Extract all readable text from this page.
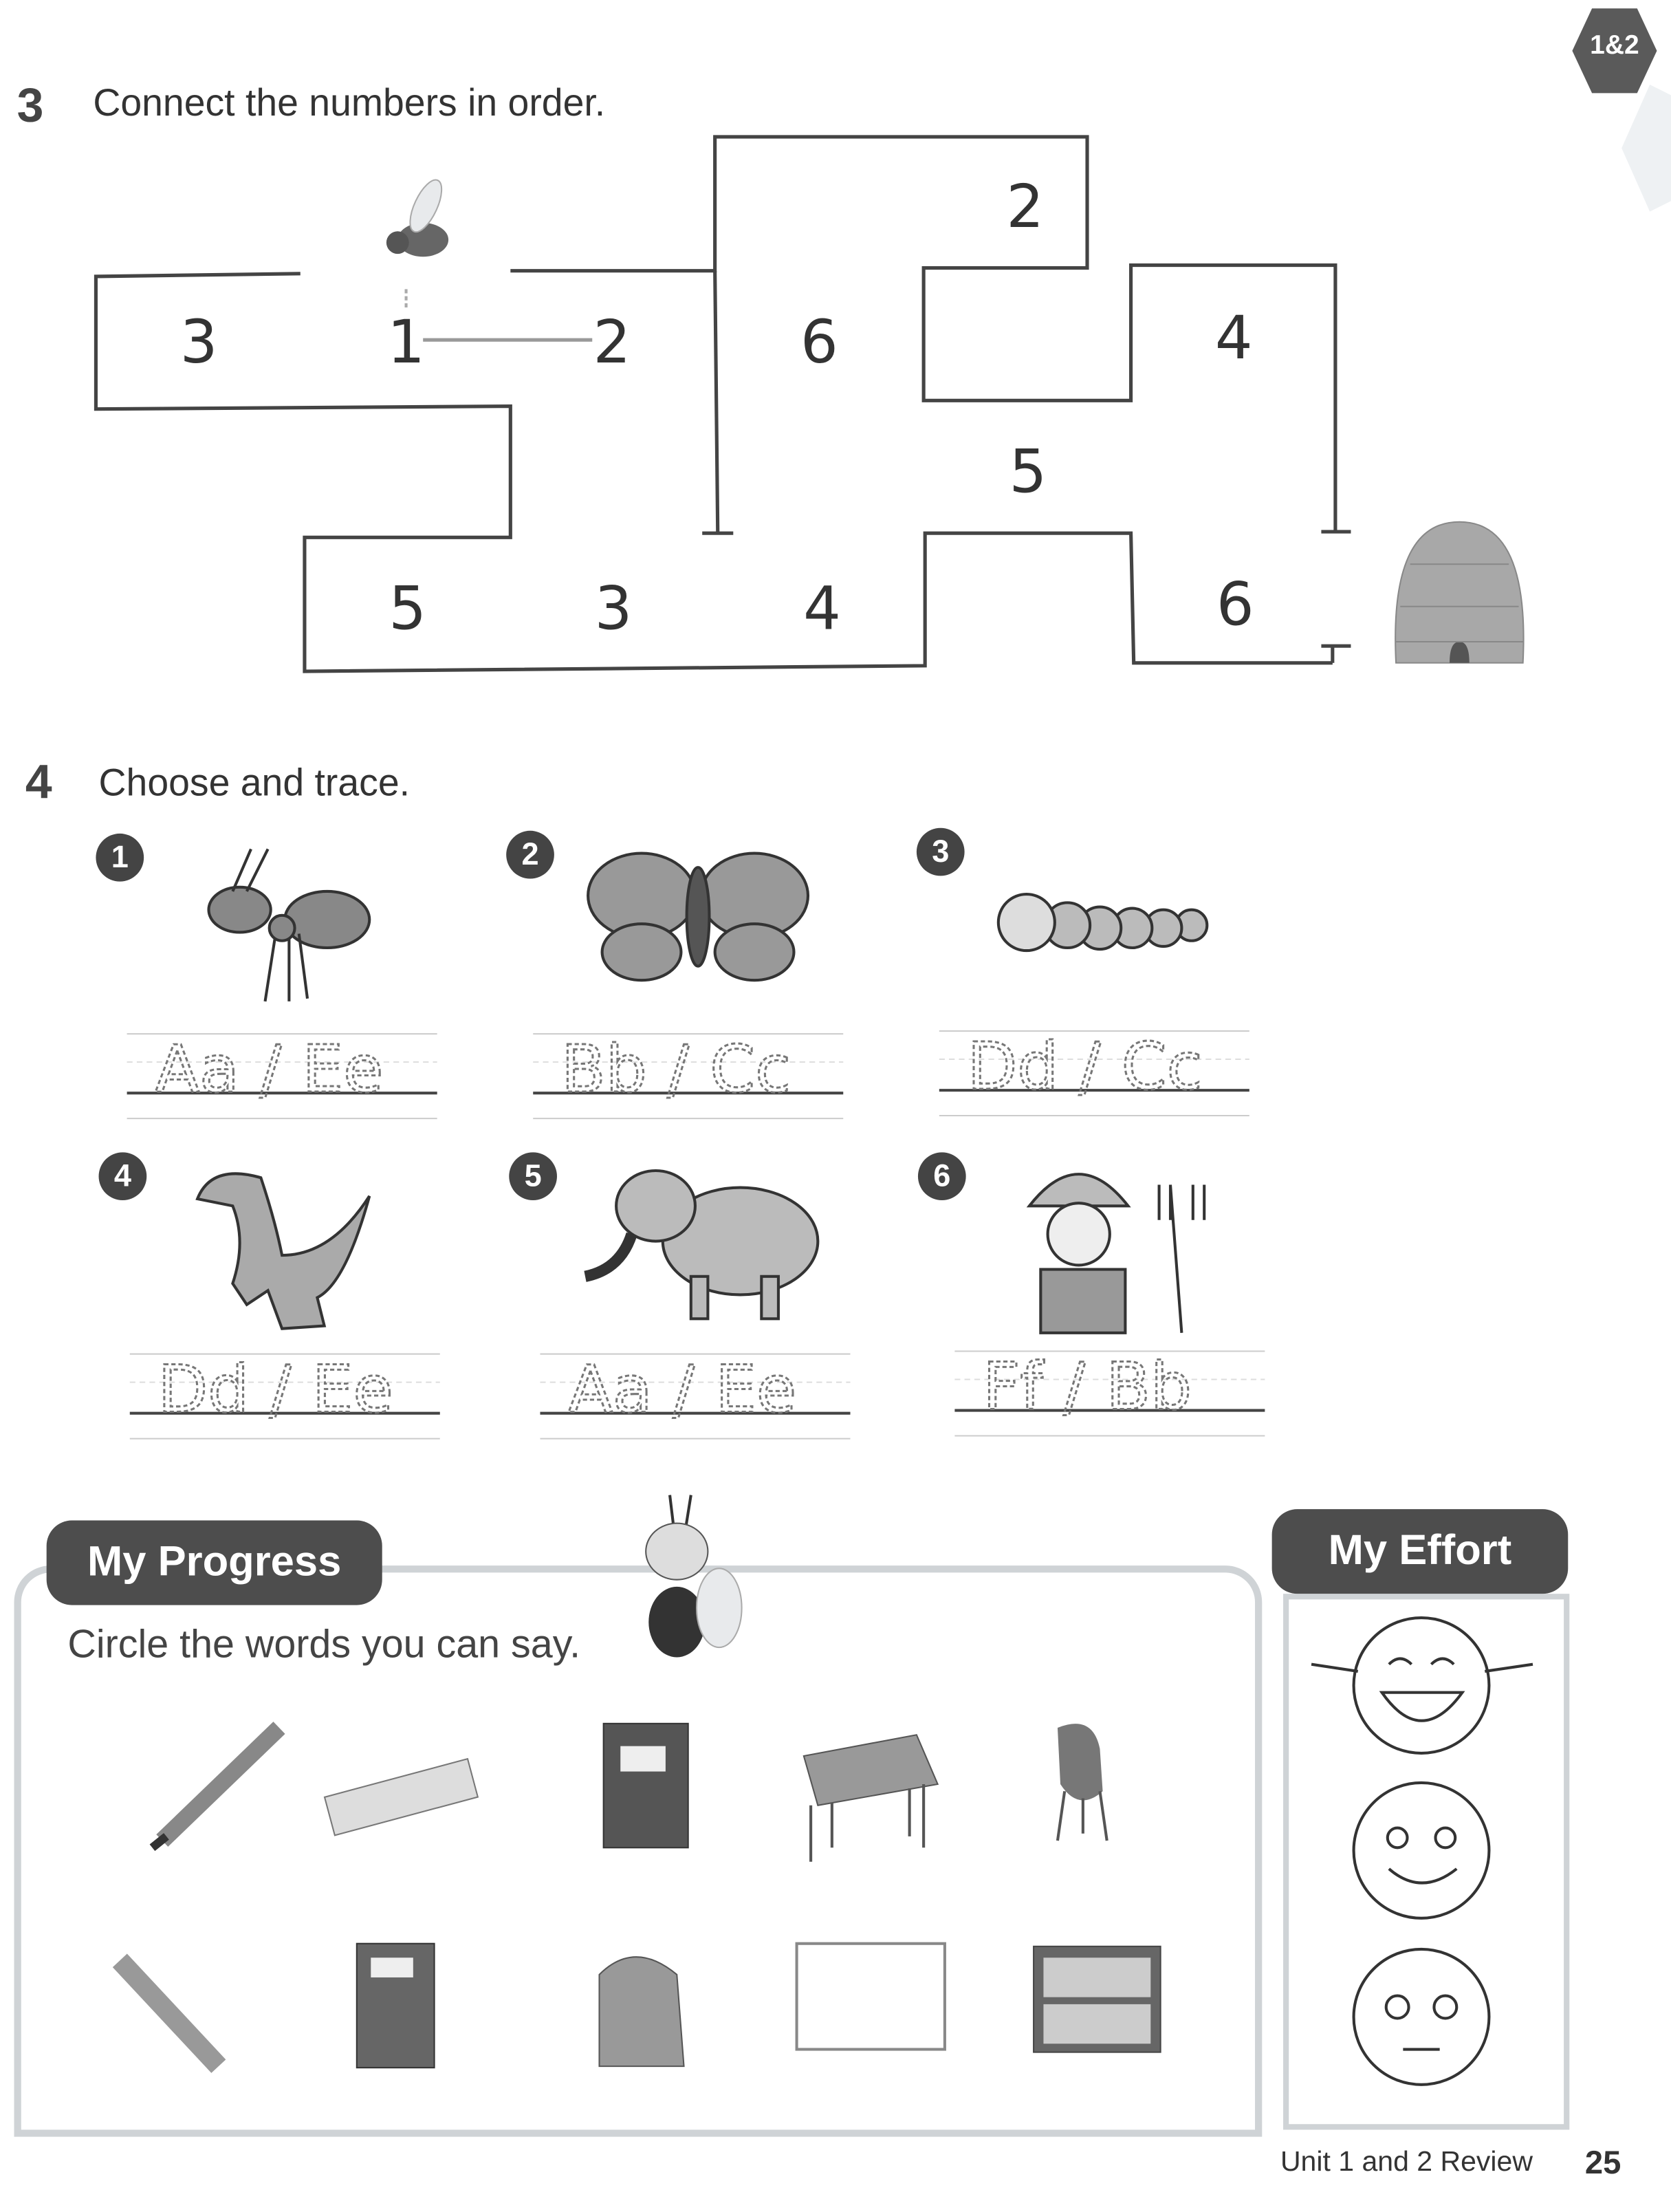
1&2
3	Connect the numbers in order.
3	1	2	6
2
4
5
5	3	4	6
4	Choose and trace.
1	2	3
4	5	6
Aa / Ee	Bb / Cc	Dd / Cc
Dd / Ee	Aa / Ee	Ff / Bb
My Progress
Circle the words you can say.
My Effort
Unit 1 and 2 Review	25
